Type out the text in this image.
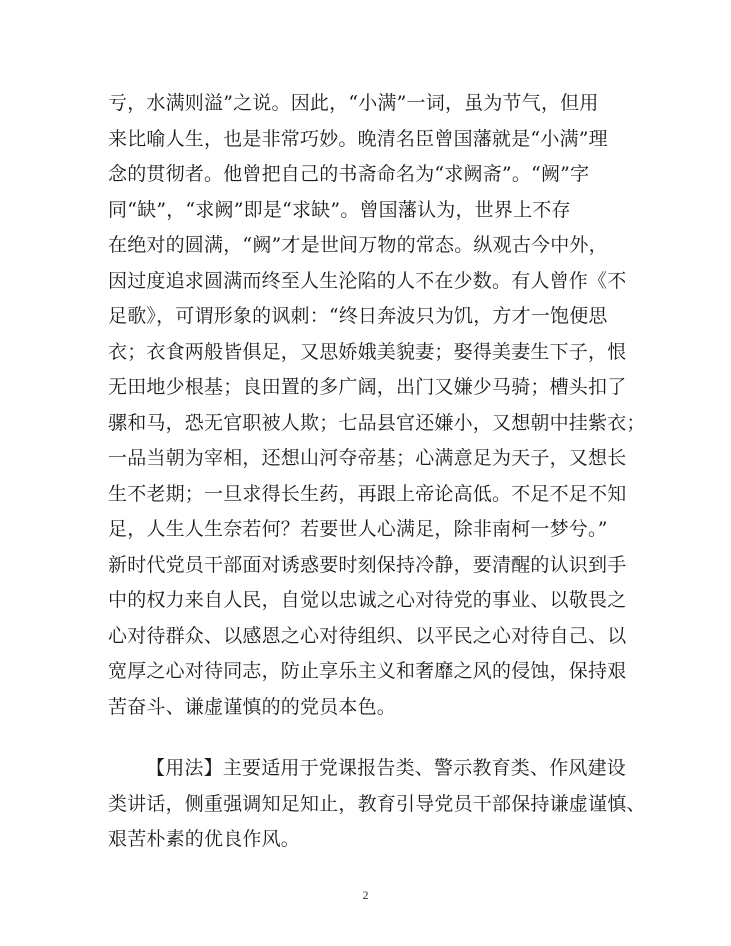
亏，水满则溢”之说。因此，“小满”一词，虽为节气，但用
来比喻人生，也是非常巧妙。晚清名臣曾国藩就是“小满”理
念的贯彻者。他曾把自己的书斋命名为“求阙斋”。“阙”字
同“缺”，“求阙”即是“求缺”。曾国藩认为，世界上不存
在绝对的圆满，“阙”才是世间万物的常态。纵观古今中外，
因过度追求圆满而终至人生沦陷的人不在少数。有人曾作《不
足歌》，可谓形象的讽刺：“终日奔波只为饥，方才一饱便思
衣；衣食两般皆俱足，又思娇娥美貌妻；娶得美妻生下子，恨
无田地少根基；良田置的多广阔，出门又嫌少马骑；槽头扣了
骡和马，恐无官职被人欺；七品县官还嫌小，又想朝中挂紫衣；
一品当朝为宰相，还想山河夺帝基；心满意足为天子，又想长
生不老期；一旦求得长生药，再跟上帝论高低。不足不足不知
足，人生人生奈若何？若要世人心满足，除非南柯一梦兮。”
新时代党员干部面对诱惑要时刻保持冷静，要清醒的认识到手
中的权力来自人民，自觉以忠诚之心对待党的事业、以敬畏之
心对待群众、以感恩之心对待组织、以平民之心对待自己、以
宽厚之心对待同志，防止享乐主义和奢靡之风的侵蚀，保持艰
苦奋斗、谦虚谨慎的的党员本色。
【用法】主要适用于党课报告类、警示教育类、作风建设
类讲话，侧重强调知足知止，教育引导党员干部保持谦虚谨慎、
艰苦朴素的优良作风。
2
